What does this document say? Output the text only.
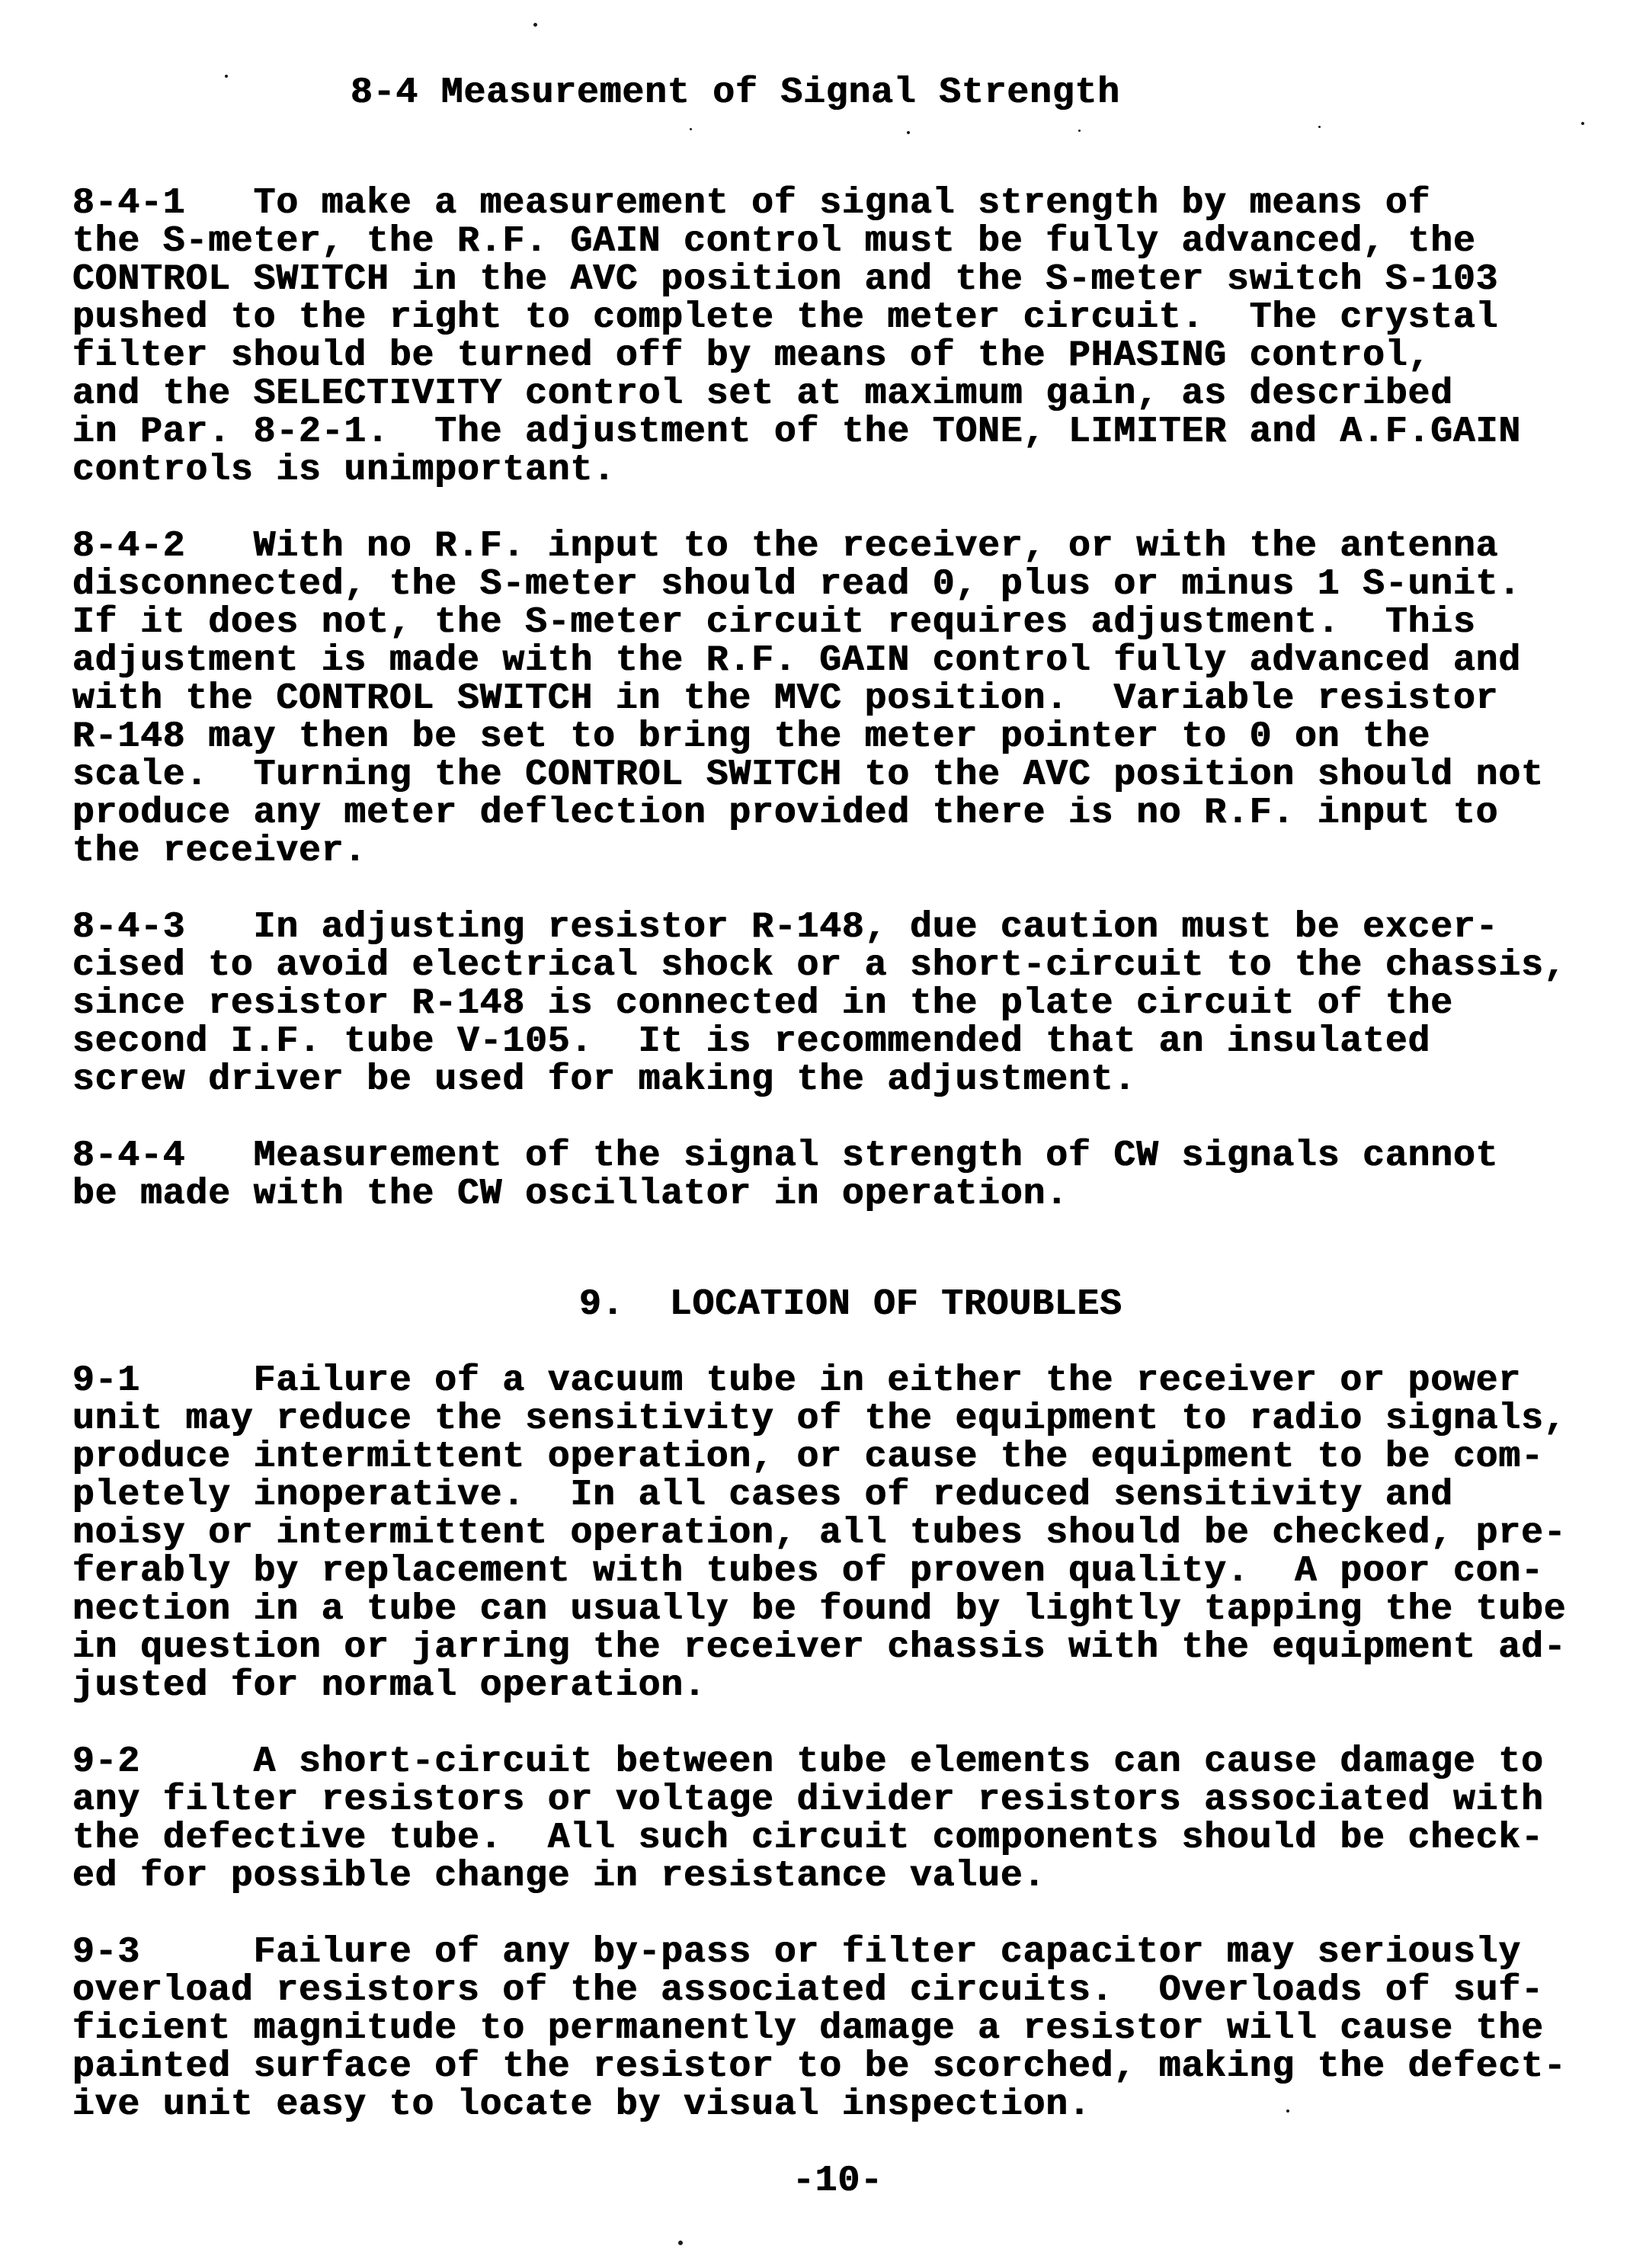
8-4 Measurement of Signal Strength
8-4-1   To make a measurement of signal strength by means of
the S-meter, the R.F. GAIN control must be fully advanced, the
CONTROL SWITCH in the AVC position and the S-meter switch S-103
pushed to the right to complete the meter circuit.  The crystal
filter should be turned off by means of the PHASING control,
and the SELECTIVITY control set at maximum gain, as described
in Par. 8-2-1.  The adjustment of the TONE, LIMITER and A.F.GAIN
controls is unimportant.
8-4-2   With no R.F. input to the receiver, or with the antenna
disconnected, the S-meter should read 0, plus or minus 1 S-unit.
If it does not, the S-meter circuit requires adjustment.  This
adjustment is made with the R.F. GAIN control fully advanced and
with the CONTROL SWITCH in the MVC position.  Variable resistor
R-148 may then be set to bring the meter pointer to 0 on the
scale.  Turning the CONTROL SWITCH to the AVC position should not
produce any meter deflection provided there is no R.F. input to
the receiver.
8-4-3   In adjusting resistor R-148, due caution must be excer-
cised to avoid electrical shock or a short-circuit to the chassis,
since resistor R-148 is connected in the plate circuit of the
second I.F. tube V-105.  It is recommended that an insulated
screw driver be used for making the adjustment.
8-4-4   Measurement of the signal strength of CW signals cannot
be made with the CW oscillator in operation.
9.  LOCATION OF TROUBLES
9-1     Failure of a vacuum tube in either the receiver or power
unit may reduce the sensitivity of the equipment to radio signals,
produce intermittent operation, or cause the equipment to be com-
pletely inoperative.  In all cases of reduced sensitivity and
noisy or intermittent operation, all tubes should be checked, pre-
ferably by replacement with tubes of proven quality.  A poor con-
nection in a tube can usually be found by lightly tapping the tube
in question or jarring the receiver chassis with the equipment ad-
justed for normal operation.
9-2     A short-circuit between tube elements can cause damage to
any filter resistors or voltage divider resistors associated with
the defective tube.  All such circuit components should be check-
ed for possible change in resistance value.
9-3     Failure of any by-pass or filter capacitor may seriously
overload resistors of the associated circuits.  Overloads of suf-
ficient magnitude to permanently damage a resistor will cause the
painted surface of the resistor to be scorched, making the defect-
ive unit easy to locate by visual inspection.
-10-
